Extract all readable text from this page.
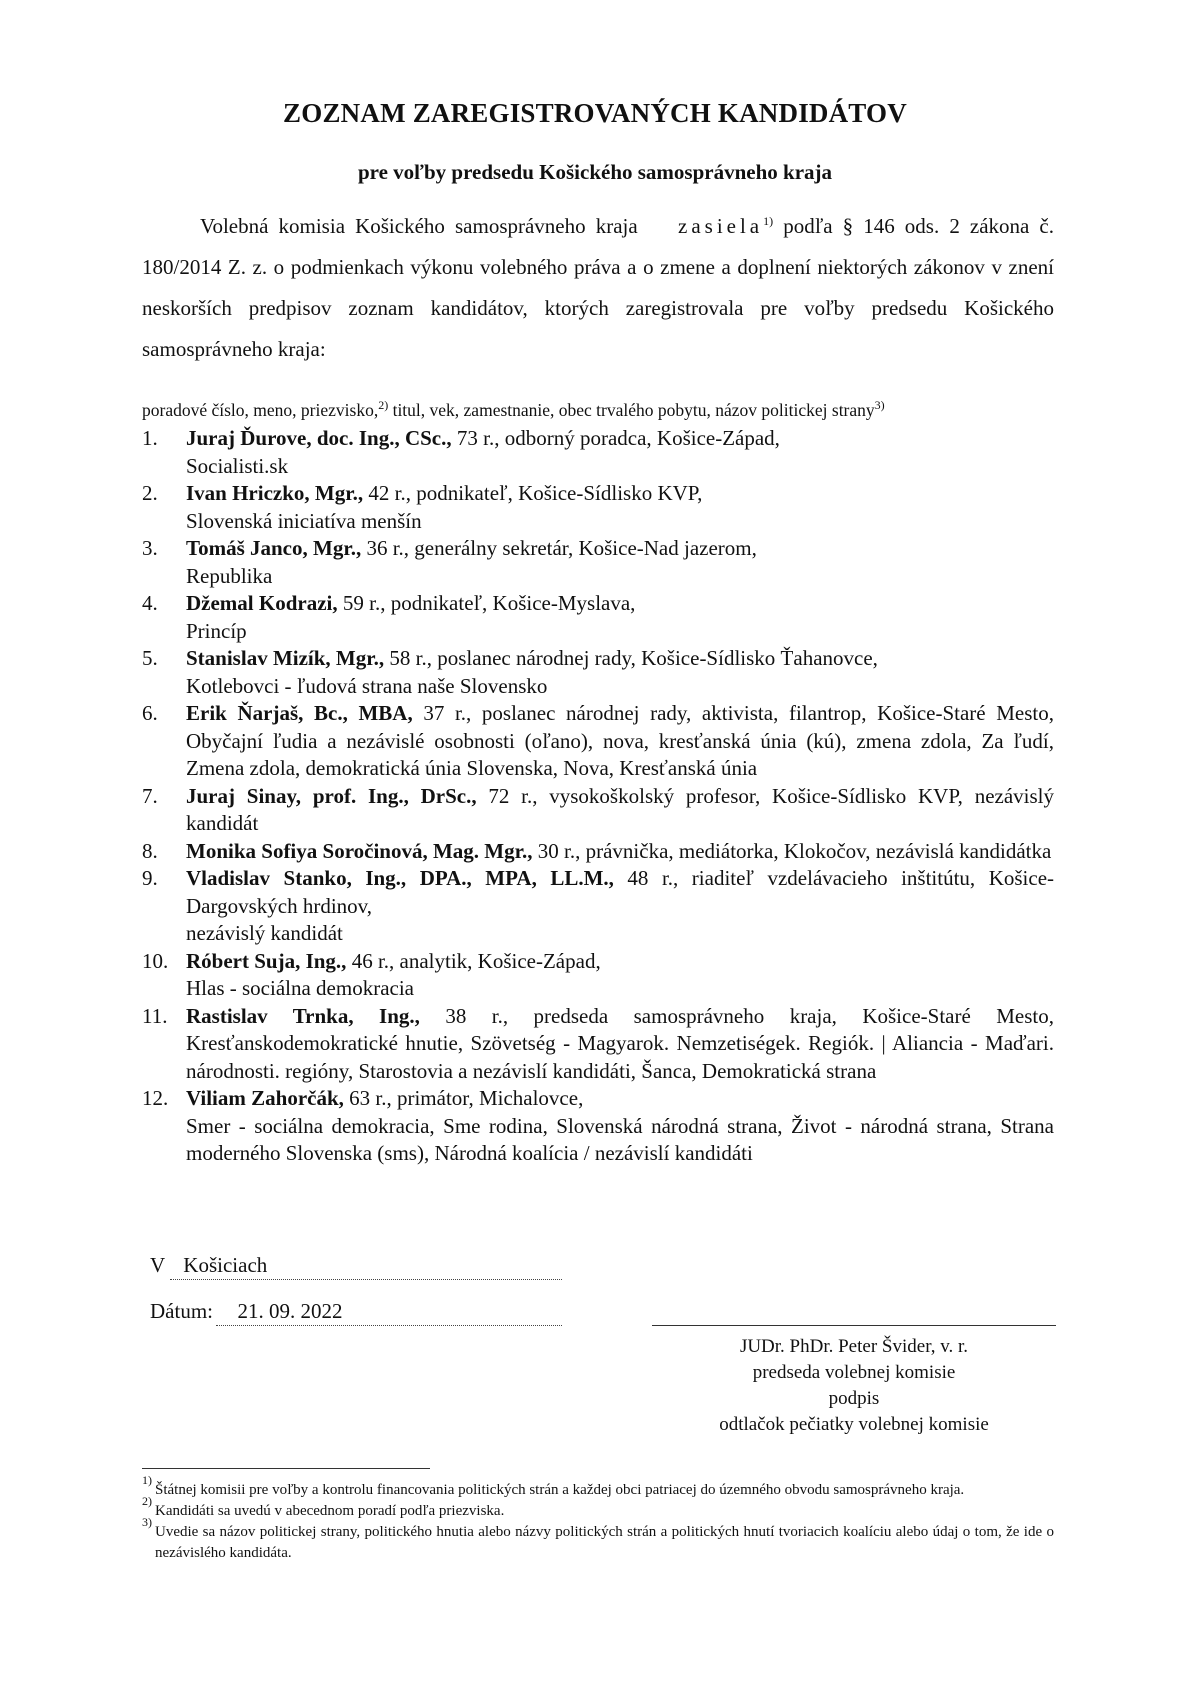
ZOZNAM ZAREGISTROVANÝCH KANDIDÁTOV
pre voľby predsedu Košického samosprávneho kraja
Volebná komisia Košického samosprávneho kraja zasiela$^{1)}$ podľa § 146 ods. 2 zákona č. 180/2014 Z. z. o podmienkach výkonu volebného práva a o zmene a doplnení niektorých zákonov v znení neskorších predpisov zoznam kandidátov, ktorých zaregistrovala pre voľby predsedu Košického samosprávneho kraja:
poradové číslo, meno, priezvisko,$^{2)}$ titul, vek, zamestnanie, obec trvalého pobytu, názov politickej strany$^{3)}$
1.	Juraj Ďurove, doc. Ing., CSc., 73 r., odborný poradca, Košice-Západ,
Socialisti.sk
2.	Ivan Hriczko, Mgr., 42 r., podnikateľ, Košice-Sídlisko KVP,
Slovenská iniciatíva menšín
3.	Tomáš Janco, Mgr., 36 r., generálny sekretár, Košice-Nad jazerom,
Republika
4.	Džemal Kodrazi, 59 r., podnikateľ, Košice-Myslava,
Princíp
5.	Stanislav Mizík, Mgr., 58 r., poslanec národnej rady, Košice-Sídlisko Ťahanovce,
Kotlebovci - ľudová strana naše Slovensko
6.	Erik Ňarjaš, Bc., MBA, 37 r., poslanec národnej rady, aktivista, filantrop, Košice-Staré Mesto, Obyčajní ľudia a nezávislé osobnosti (oľano), nova, kresťanská únia (kú), zmena zdola, Za ľudí, Zmena zdola, demokratická únia Slovenska, Nova, Kresťanská únia
7.	Juraj Sinay, prof. Ing., DrSc., 72 r., vysokoškolský profesor, Košice-Sídlisko KVP, nezávislý kandidát
8.	Monika Sofiya Soročinová, Mag. Mgr., 30 r., právnička, mediátorka, Klokočov, nezávislá kandidátka
9.	Vladislav Stanko, Ing., DPA., MPA, LL.M., 48 r., riaditeľ vzdelávacieho inštitútu, Košice-Dargovských hrdinov,
nezávislý kandidát
10. Róbert Suja, Ing., 46 r., analytik, Košice-Západ,
Hlas - sociálna demokracia
11. Rastislav Trnka, Ing., 38 r., predseda samosprávneho kraja, Košice-Staré Mesto, Kresťanskodemokratické hnutie, Szövetség - Magyarok. Nemzetiségek. Regiók. | Aliancia - Maďari. národnosti. regióny, Starostovia a nezávislí kandidáti, Šanca, Demokratická strana
12. Viliam Zahorčák, 63 r., primátor, Michalovce,
Smer - sociálna demokracia, Sme rodina, Slovenská národná strana, Život - národná strana, Strana moderného Slovenska (sms), Národná koalícia / nezávislí kandidáti
V Košiciach
Dátum: 21. 09. 2022
JUDr. PhDr. Peter Švider, v. r.
predseda volebnej komisie
podpis
odtlačok pečiatky volebnej komisie
1)
Štátnej komisii pre voľby a kontrolu financovania politických strán a každej obci patriacej do územného obvodu samosprávneho kraja.
2)
Kandidáti sa uvedú v abecednom poradí podľa priezviska.
3)
Uvedie sa názov politickej strany, politického hnutia alebo názvy politických strán a politických hnutí tvoriacich koalíciu alebo údaj o tom, že ide o nezávislého kandidáta.
